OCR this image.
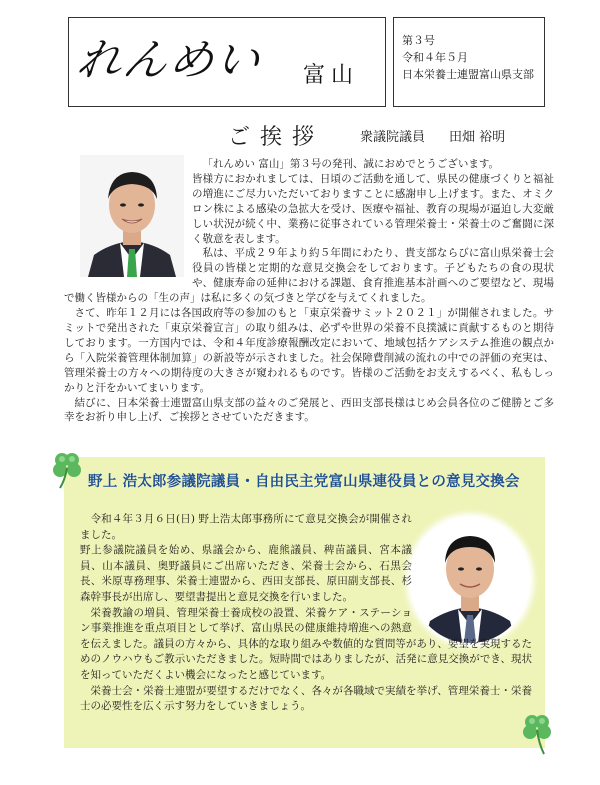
れんめい 富山
第３号
令和４年５月
日本栄養士連盟富山県支部
ご挨拶	衆議院議員 田畑 裕明

「れんめい 富山」第３号の発刊、誠におめでとうございます。

皆様方におかれましては、日頃のご活動を通して、県民の健康づくりと福祉の増進にご尽力いただいておりますことに感謝申し上げます。また、オミクロン株による感染の急拡大を受け、医療や福祉、教育の現場が逼迫し大変厳しい状況が続く中、業務に従事されている管理栄養士・栄養士のご奮闘に深く敬意を表します。

私は、平成２９年より約５年間にわたり、貴支部ならびに富山県栄養士会役員の皆様と定期的な意見交換会をしております。子どもたちの食の現状や、健康寿命の延伸における課題、食育推進基本計画へのご要望など、現場で働く皆様からの「生の声」は私に多くの気づきと学びを与えてくれました。

さて、昨年１２月には各国政府等の参加のもと「東京栄養サミット２０２１」が開催されました。サミットで発出された「東京栄養宣言」の取り組みは、必ずや世界の栄養不良撲滅に貢献するものと期待しております。一方国内では、令和４年度診療報酬改定において、地域包括ケアシステム推進の観点から「入院栄養管理体制加算」の新設等が示されました。社会保障費削減の流れの中での評価の充実は、管理栄養士の方々への期待度の大きさが窺われるものです。皆様のご活動をお支えするべく、私もしっかりと汗をかいてまいります。

結びに、日本栄養士連盟富山県支部の益々のご発展と、西田支部長様はじめ会員各位のご健勝とご多幸をお祈り申し上げ、ご挨拶とさせていただきます。

野上 浩太郎参議院議員・自由民主党富山県連役員との意見交換会

令和４年３月６日(日) 野上浩太郎事務所にて意見交換会が開催されました。

野上参議院議員を始め、県議会から、鹿熊議員、稗苗議員、宮本議員、山本議員、奥野議員にご出席いただき、栄養士会から、石黒会長、米原専務理事、栄養士連盟から、西田支部長、原田副支部長、杉森幹事長が出席し、要望書提出と意見交換を行いました。

栄養教諭の増員、管理栄養士養成校の設置、栄養ケア・ステーション事業推進を重点項目として挙げ、富山県民の健康維持増進への熱意を伝えました。議員の方々から、具体的な取り組みや数値的な質問等があり、要望を実現するためのノウハウもご教示いただきました。短時間ではありましたが、活発に意見交換ができ、現状を知っていただくよい機会になったと感じています。

栄養士会・栄養士連盟が要望するだけでなく、各々が各職域で実績を挙げ、管理栄養士・栄養士の必要性を広く示す努力をしていきましょう。
